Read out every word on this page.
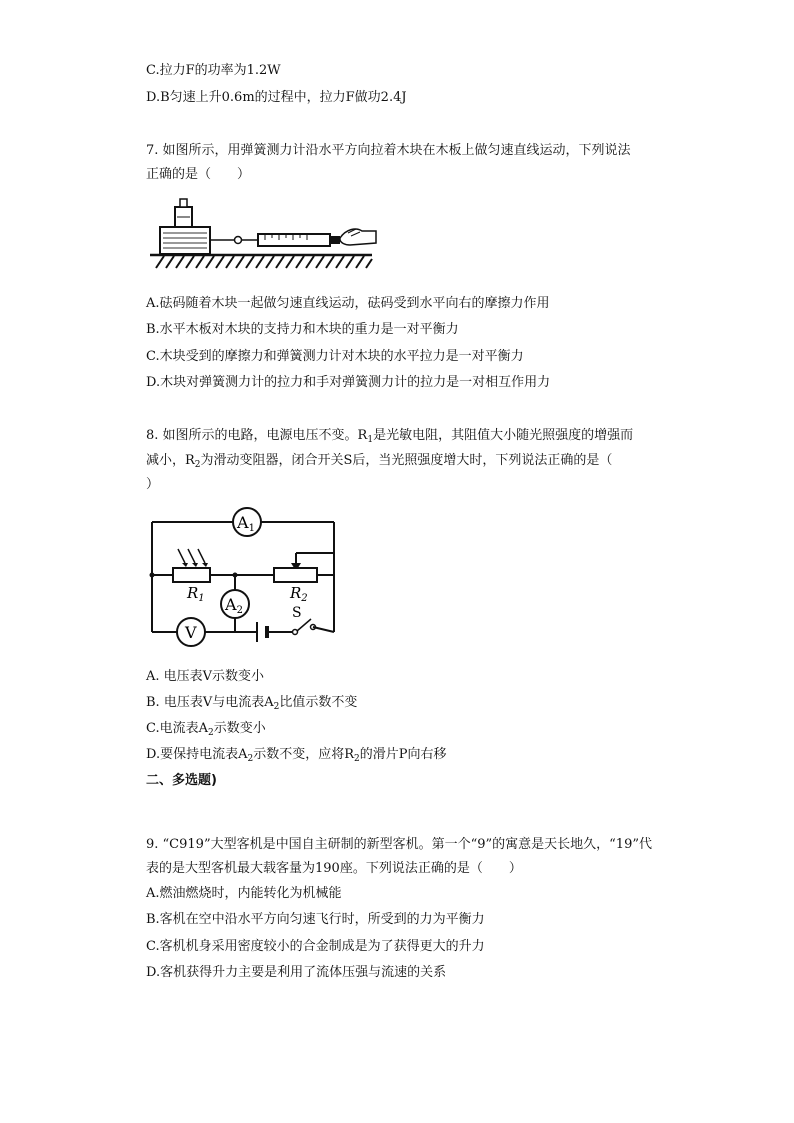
C.拉力F的功率为1.2W
D.B匀速上升0.6m的过程中，拉力F做功2.4J
7. 如图所示，用弹簧测力计沿水平方向拉着木块在木板上做匀速直线运动，下列说法
正确的是（　　）
A.砝码随着木块一起做匀速直线运动，砝码受到水平向右的摩擦力作用
B.水平木板对木块的支持力和木块的重力是一对平衡力
C.木块受到的摩擦力和弹簧测力计对木块的水平拉力是一对平衡力
D.木块对弹簧测力计的拉力和手对弹簧测力计的拉力是一对相互作用力
8. 如图所示的电路，电源电压不变。$R_1$是光敏电阻，其阻值大小随光照强度的增强而
减小，$R_2$为滑动变阻器，闭合开关S后，当光照强度增大时，下列说法正确的是（
）
A1
A2
V
$R_1$	$R_2$
S
A. 电压表V示数变小
B. 电压表V与电流表$A_2$比值示数不变
C.电流表$A_2$示数变小
D.要保持电流表$A_2$示数不变，应将$R_2$的滑片P向右移
二、多选题)
9. “C919”大型客机是中国自主研制的新型客机。第一个“9”的寓意是天长地久，“19”代
表的是大型客机最大载客量为190座。下列说法正确的是（　　）
A.燃油燃烧时，内能转化为机械能
B.客机在空中沿水平方向匀速飞行时，所受到的力为平衡力
C.客机机身采用密度较小的合金制成是为了获得更大的升力
D.客机获得升力主要是利用了流体压强与流速的关系
